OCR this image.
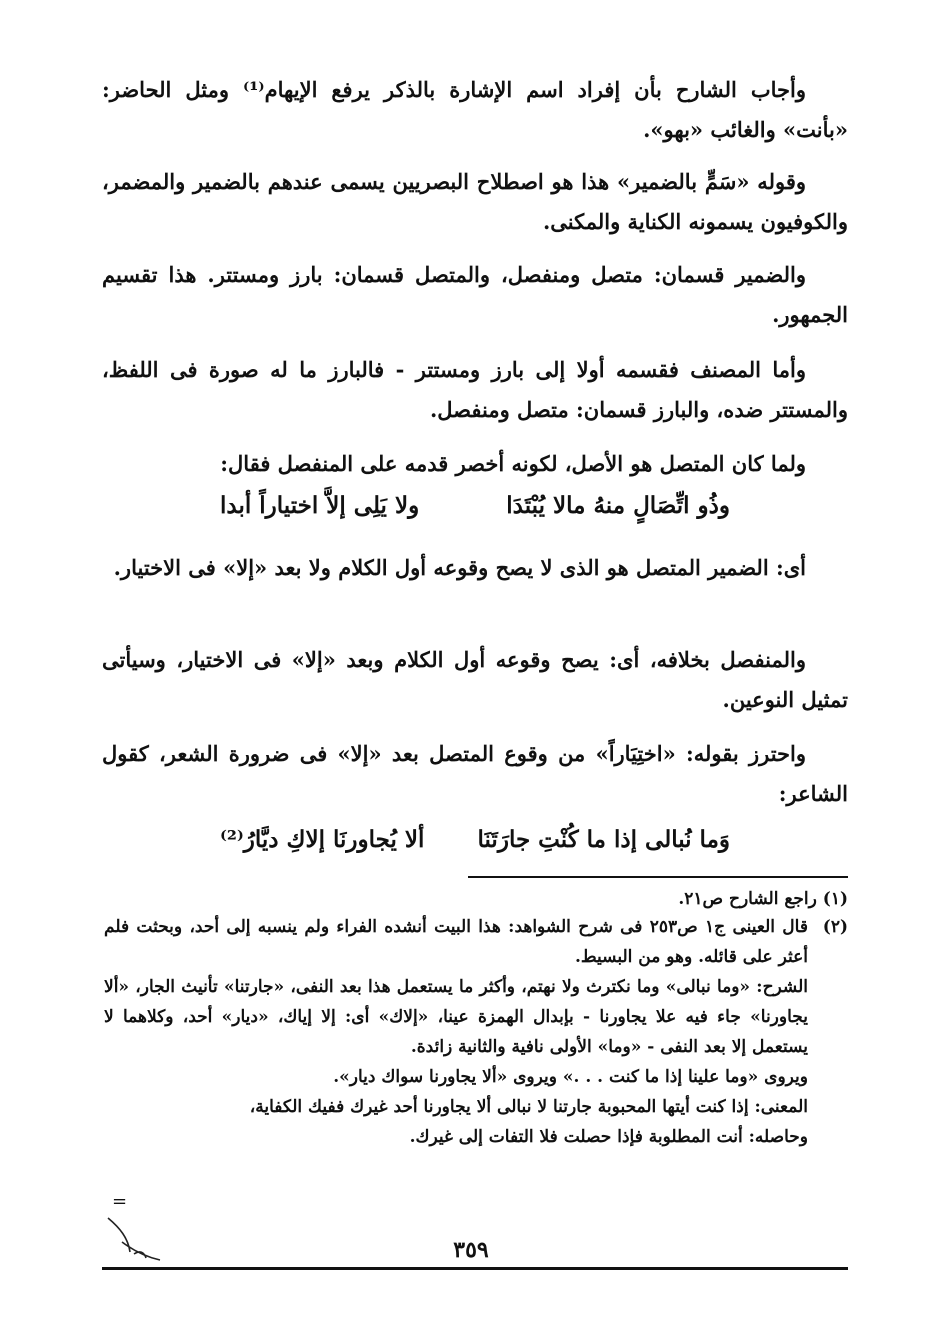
وأجاب الشارح بأن إفراد اسم الإشارة بالذكر يرفع الإيهام⁽¹⁾ ومثل الحاضر: «بأنت» والغائب «بهو».

وقوله «سَمٍّ بالضمير» هذا هو اصطلاح البصريين يسمى عندهم بالضمير والمضمر، والكوفيون يسمونه الكناية والمكنى.

والضمير قسمان: متصل ومنفصل، والمتصل قسمان: بارز ومستتر. هذا تقسيم الجمهور.

وأما المصنف فقسمه أولا إلى بارز ومستتر - فالبارز ما له صورة فى اللفظ، والمستتر ضده، والبارز قسمان: متصل ومنفصل.

ولما كان المتصل هو الأصل، لكونه أخصر قدمه على المنفصل فقال:

وذُو اتِّصَالٍ منهُ مالا يُبْتَدَا
ولا يَلِى إلاَّ اختياراً أبدا

أى: الضمير المتصل هو الذى لا يصح وقوعه أول الكلام ولا بعد «إلا» فى الاختيار.

والمنفصل بخلافه، أى: يصح وقوعه أول الكلام وبعد «إلا» فى الاختيار، وسيأتى تمثيل النوعين.

واحترز بقوله: «اختِيَاراً» من وقوع المتصل بعد «إلا» فى ضرورة الشعر، كقول الشاعر:

وَما نُبالى إذا ما كُنْتِ جارَتَنَا
ألا يُجاورنَا إلاكِ ديَّارُ⁽²⁾

(١) راجع الشارح ص٢١.

(٢)

قال العينى ج١ ص٢٥٣ فى شرح الشواهد: هذا البيت أنشده الفراء ولم ينسبه إلى أحد، وبحثت فلم أعثر على قائله. وهو من البسيط.

الشرح: «وما نبالى» وما نكترث ولا نهتم، وأكثر ما يستعمل هذا بعد النفى، «جارتنا» تأنيث الجار، «ألا يجاورنا» جاء فيه علا يجاورنا - بإبدال الهمزة عينا، «إلاك» أى: إلا إياك، «ديار» أحد، وكلاهما لا يستعمل إلا بعد النفى - «وما» الأولى نافية والثانية زائدة.

ويروى «وما علينا إذا ما كنت . . .» ويروى «ألا يجاورنا سواك ديار».

المعنى: إذا كنت أيتها المحبوبة جارتنا لا نبالى ألا يجاورنا أحد غيرك ففيك الكفاية،

وحاصله: أنت المطلوبة فإذا حصلت فلا التفات إلى غيرك.

=
٣٥٩
